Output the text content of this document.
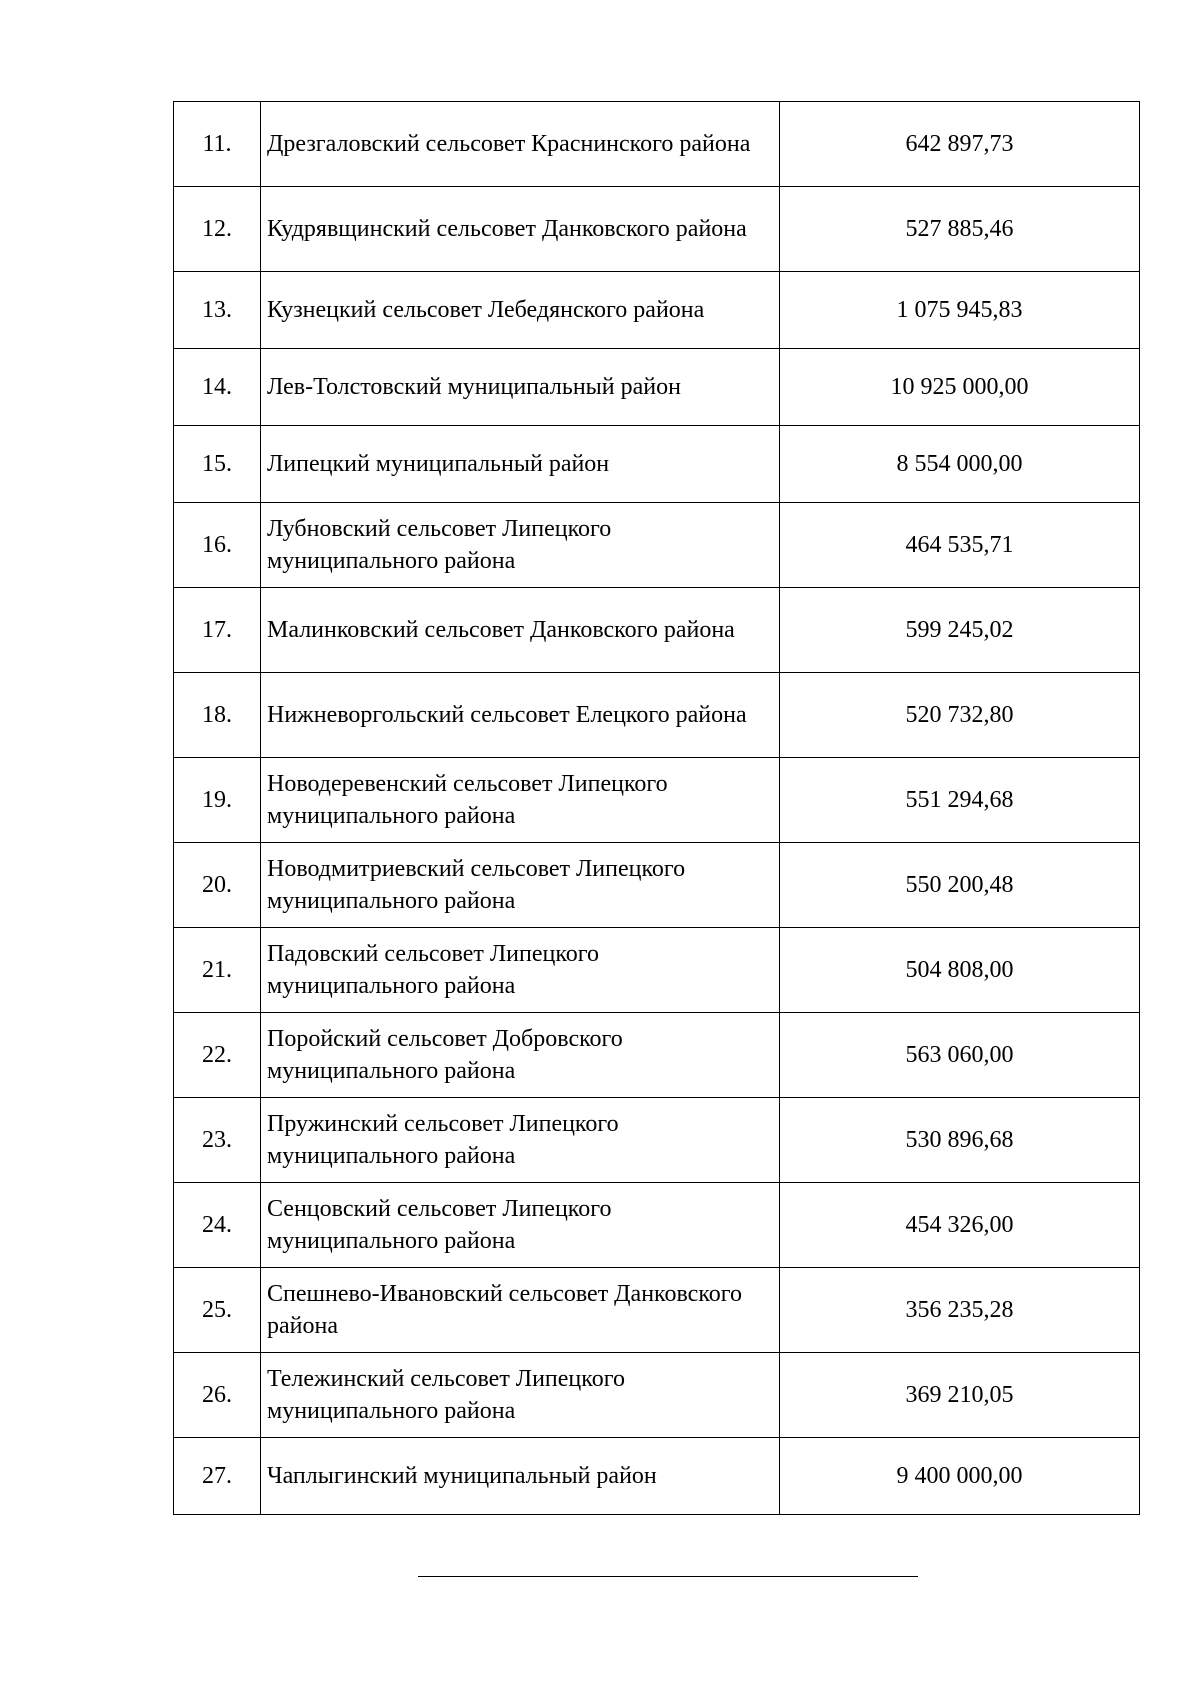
11.	Дрезгаловский сельсовет Краснинского района	642 897,73
12.	Кудрявщинский сельсовет Данковского района	527 885,46
13.	Кузнецкий сельсовет Лебедянского района	1 075 945,83
14.	Лев-Толстовский муниципальный район	10 925 000,00
15.	Липецкий муниципальный район	8 554 000,00
16.	Лубновский сельсовет Липецкого муниципального района	464 535,71
17.	Малинковский сельсовет Данковского района	599 245,02
18.	Нижневоргольский сельсовет Елецкого района	520 732,80
19.	Новодеревенский сельсовет Липецкого муниципального района	551 294,68
20.	Новодмитриевский сельсовет Липецкого муниципального района	550 200,48
21.	Падовский сельсовет Липецкого муниципального района	504 808,00
22.	Поройский сельсовет Добровского муниципального района	563 060,00
23.	Пружинский сельсовет Липецкого муниципального района	530 896,68
24.	Сенцовский сельсовет Липецкого муниципального района	454 326,00
25.	Спешнево-Ивановский сельсовет Данковского района	356 235,28
26.	Тележинский сельсовет Липецкого муниципального района	369 210,05
27.	Чаплыгинский муниципальный район	9 400 000,00
